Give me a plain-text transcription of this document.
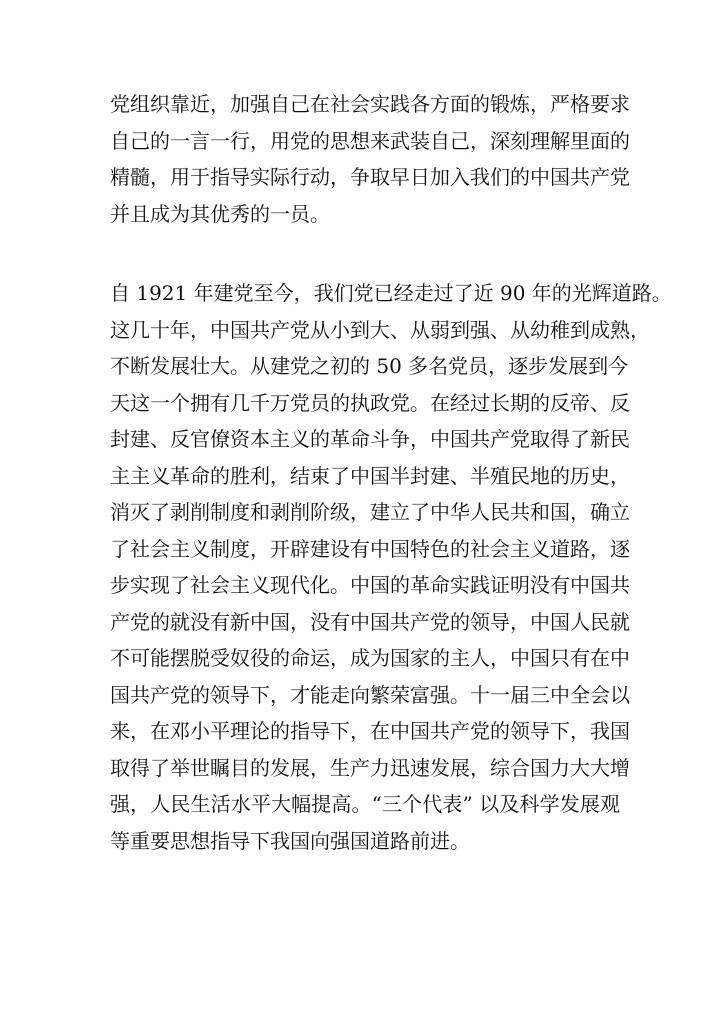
党组织靠近，加强自己在社会实践各方面的锻炼，严格要求
自己的一言一行，用党的思想来武装自己，深刻理解里面的
精髓，用于指导实际行动，争取早日加入我们的中国共产党
并且成为其优秀的一员。
自 1921 年建党至今，我们党已经走过了近 90 年的光辉道路。
这几十年，中国共产党从小到大、从弱到强、从幼稚到成熟，
不断发展壮大。从建党之初的 50 多名党员，逐步发展到今
天这一个拥有几千万党员的执政党。在经过长期的反帝、反
封建、反官僚资本主义的革命斗争，中国共产党取得了新民
主主义革命的胜利，结束了中国半封建、半殖民地的历史，
消灭了剥削制度和剥削阶级，建立了中华人民共和国，确立
了社会主义制度，开辟建设有中国特色的社会主义道路，逐
步实现了社会主义现代化。中国的革命实践证明没有中国共
产党的就没有新中国，没有中国共产党的领导，中国人民就
不可能摆脱受奴役的命运，成为国家的主人，中国只有在中
国共产党的领导下，才能走向繁荣富强。十一届三中全会以
来，在邓小平理论的指导下，在中国共产党的领导下，我国
取得了举世瞩目的发展，生产力迅速发展，综合国力大大增
强，人民生活水平大幅提高。“三个代表” 以及科学发展观
等重要思想指导下我国向强国道路前进。
